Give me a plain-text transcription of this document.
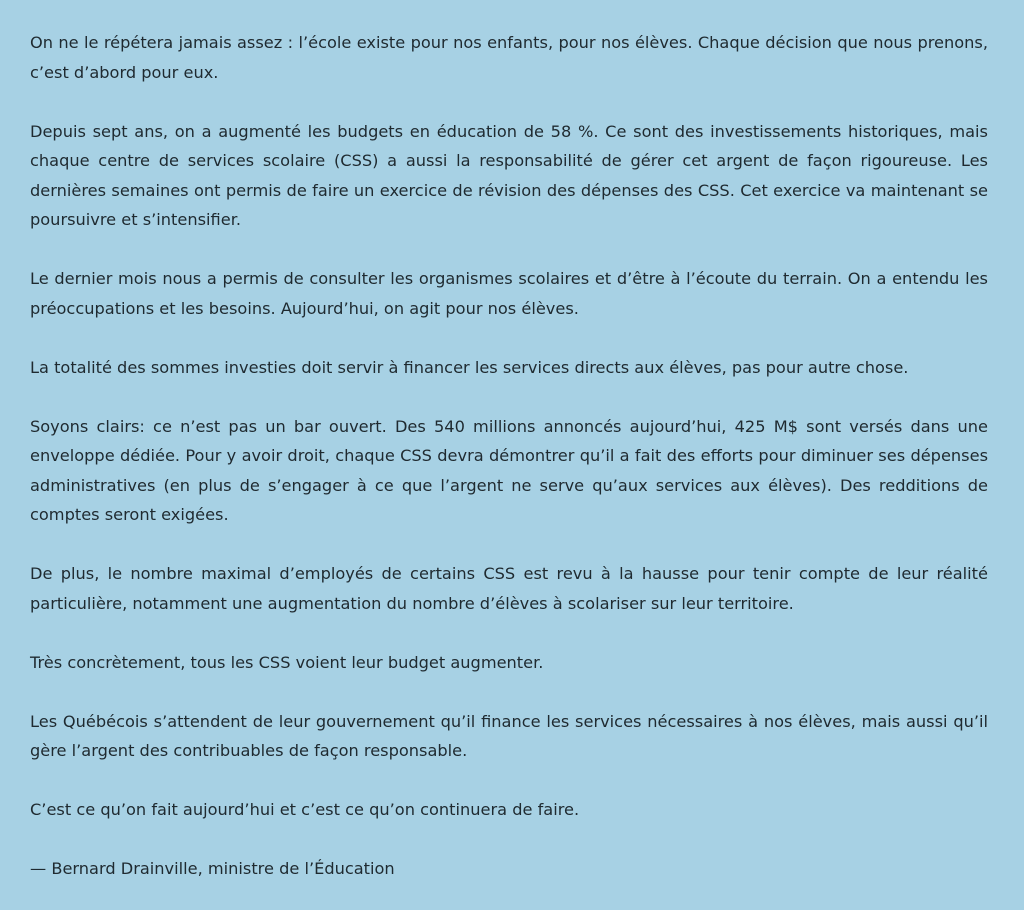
On ne le répétera jamais assez : l’école existe pour nos enfants, pour nos élèves. Chaque décision que nous prenons, c’est d’abord pour eux.

Depuis sept ans, on a augmenté les budgets en éducation de 58 %. Ce sont des investissements historiques, mais chaque centre de services scolaire (CSS) a aussi la responsabilité de gérer cet argent de façon rigoureuse. Les dernières semaines ont permis de faire un exercice de révision des dépenses des CSS. Cet exercice va maintenant se poursuivre et s’intensifier.

Le dernier mois nous a permis de consulter les organismes scolaires et d’être à l’écoute du terrain. On a entendu les préoccupations et les besoins. Aujourd’hui, on agit pour nos élèves.

La totalité des sommes investies doit servir à financer les services directs aux élèves, pas pour autre chose.

Soyons clairs: ce n’est pas un bar ouvert. Des 540 millions annoncés aujourd’hui, 425 M$ sont versés dans une enveloppe dédiée. Pour y avoir droit, chaque CSS devra démontrer qu’il a fait des efforts pour diminuer ses dépenses administratives (en plus de s’engager à ce que l’argent ne serve qu’aux services aux élèves). Des redditions de comptes seront exigées.

De plus, le nombre maximal d’employés de certains CSS est revu à la hausse pour tenir compte de leur réalité particulière, notamment une augmentation du nombre d’élèves à scolariser sur leur territoire.

Très concrètement, tous les CSS voient leur budget augmenter.

Les Québécois s’attendent de leur gouvernement qu’il finance les services nécessaires à nos élèves, mais aussi qu’il gère l’argent des contribuables de façon responsable.

C’est ce qu’on fait aujourd’hui et c’est ce qu’on continuera de faire.

— Bernard Drainville, ministre de l’Éducation
